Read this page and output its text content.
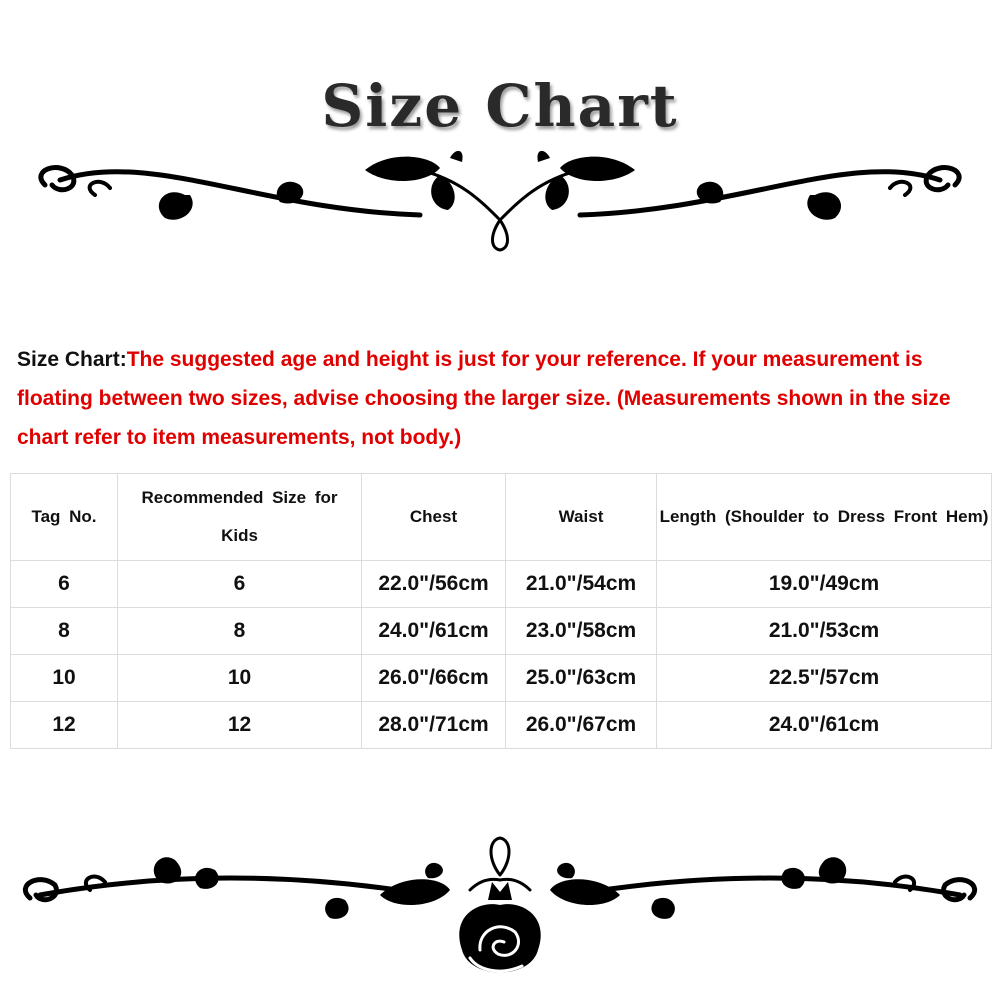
Size Chart
Size Chart:The suggested age and height is just for your reference. If your measurement is floating between two sizes, advise choosing the larger size. (Measurements shown in the size chart refer to item measurements, not body.)
Tag No.	Recommended Size for Kids	Chest	Waist	Length (Shoulder to Dress Front Hem)
6	6	22.0"/56cm	21.0"/54cm	19.0"/49cm
8	8	24.0"/61cm	23.0"/58cm	21.0"/53cm
10	10	26.0"/66cm	25.0"/63cm	22.5"/57cm
12	12	28.0"/71cm	26.0"/67cm	24.0"/61cm
